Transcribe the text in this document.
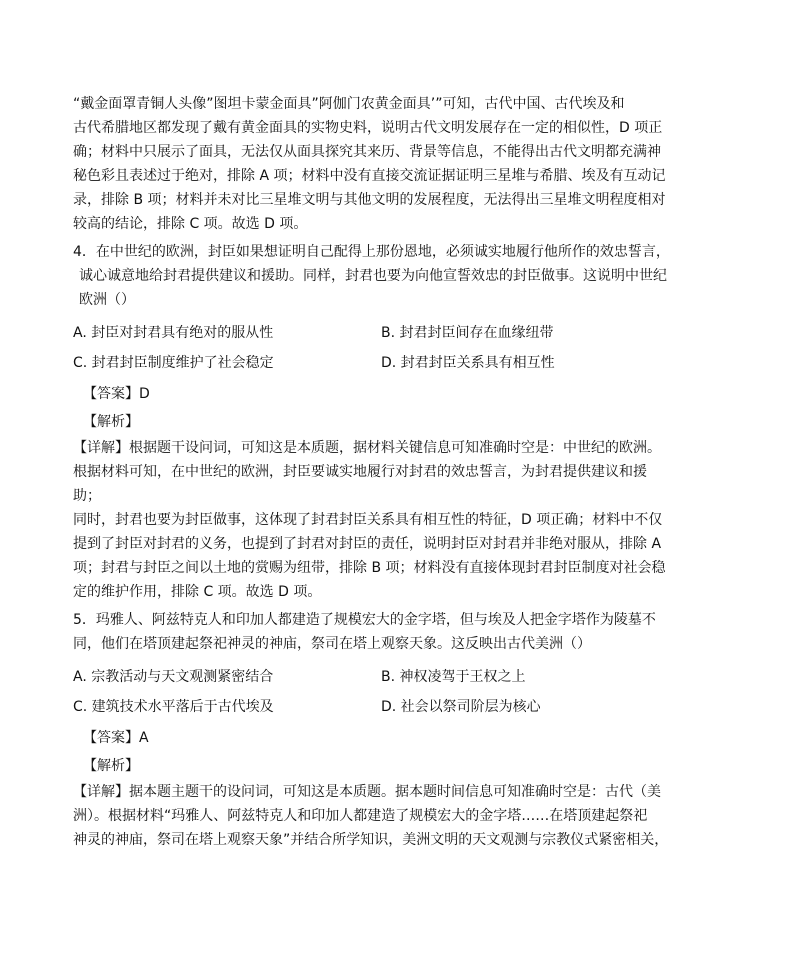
“戴金面罩青铜人头像”图坦卡蒙金面具”阿伽门农黄金面具’”可知，古代中国、古代埃及和

古代希腊地区都发现了戴有黄金面具的实物史料，说明古代文明发展存在一定的相似性，D 项正

确；材料中只展示了面具，无法仅从面具探究其来历、背景等信息，不能得出古代文明都充满神

秘色彩且表述过于绝对，排除 A 项；材料中没有直接交流证据证明三星堆与希腊、埃及有互动记

录，排除 B 项；材料并未对比三星堆文明与其他文明的发展程度，无法得出三星堆文明程度相对

较高的结论，排除 C 项。故选 D 项。

4．在中世纪的欧洲，封臣如果想证明自己配得上那份恩地，必须诚实地履行他所作的效忠誓言，

诚心诚意地给封君提供建议和援助。同样，封君也要为向他宣誓效忠的封臣做事。这说明中世纪

欧洲（）

A. 封臣对封君具有绝对的服从性	B. 封君封臣间存在血缘纽带
C. 封君封臣制度维护了社会稳定	D. 封君封臣关系具有相互性

【答案】D

【解析】

【详解】根据题干设问词，可知这是本质题，据材料关键信息可知准确时空是：中世纪的欧洲。

根据材料可知，在中世纪的欧洲，封臣要诚实地履行对封君的效忠誓言，为封君提供建议和援助；

同时，封君也要为封臣做事，这体现了封君封臣关系具有相互性的特征，D 项正确；材料中不仅

提到了封臣对封君的义务，也提到了封君对封臣的责任，说明封臣对封君并非绝对服从，排除 A

项；封君与封臣之间以土地的赏赐为纽带，排除 B 项；材料没有直接体现封君封臣制度对社会稳

定的维护作用，排除 C 项。故选 D 项。

5．玛雅人、阿兹特克人和印加人都建造了规模宏大的金字塔，但与埃及人把金字塔作为陵墓不

同，他们在塔顶建起祭祀神灵的神庙，祭司在塔上观察天象。这反映出古代美洲（）

A. 宗教活动与天文观测紧密结合	B. 神权凌驾于王权之上
C. 建筑技术水平落后于古代埃及	D. 社会以祭司阶层为核心

【答案】A

【解析】

【详解】据本题主题干的设问词，可知这是本质题。据本题时间信息可知准确时空是：古代（美

洲）。根据材料“玛雅人、阿兹特克人和印加人都建造了规模宏大的金字塔……在塔顶建起祭祀

神灵的神庙，祭司在塔上观察天象”并结合所学知识，美洲文明的天文观测与宗教仪式紧密相关，
